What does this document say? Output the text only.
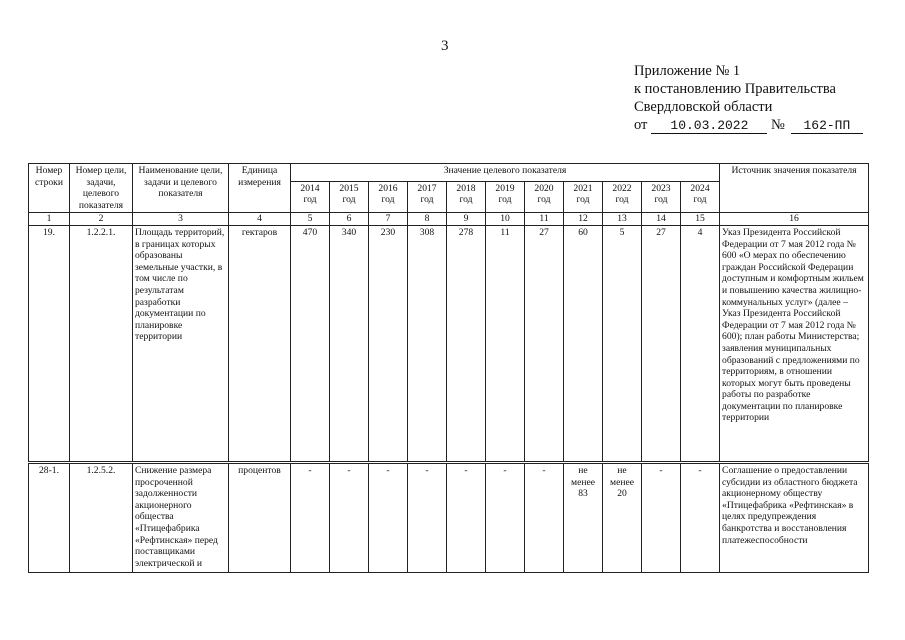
3
Приложение № 1
к постановлению Правительства
Свердловской области
от 10.03.2022 № 162-ПП
Номер строки	Номер цели, задачи, целевого показателя	Наименование цели, задачи и целевого показателя	Единица измерения	Значение целевого показателя											Источник значения показателя
				2014 год	2015 год	2016 год	2017 год	2018 год	2019 год	2020 год	2021 год	2022 год	2023 год	2024 год	
1	2	3	4	5	6	7	8	9	10	11	12	13	14	15	16
19.	1.2.2.1.	Площадь территорий, в границах которых образованы земельные участки, в том числе по результатам разработки документации по планировке территории	гектаров	470	340	230	308	278	11	27	60	5	27	4	Указ Президента Российской Федерации от 7 мая 2012 года № 600 «О мерах по обеспечению граждан Российской Федерации доступным и комфортным жильем и повышению качества жилищно-коммунальных услуг» (далее – Указ Президента Российской Федерации от 7 мая 2012 года № 600); план работы Министерства; заявления муниципальных образований с предложениями по территориям, в отношении которых могут быть проведены работы по разработке документации по планировке территории

28-1.	1.2.5.2.	Снижение размера просроченной задолженности акционерного общества «Птицефабрика «Рефтинская» перед поставщиками электрической и	процентов	-	-	-	-	-	-	-	не менее 83	не менее 20	-	-	Соглашение о предоставлении субсидии из областного бюджета акционерному обществу «Птицефабрика «Рефтинская» в целях предупреждения банкротства и восстановления платежеспособности
